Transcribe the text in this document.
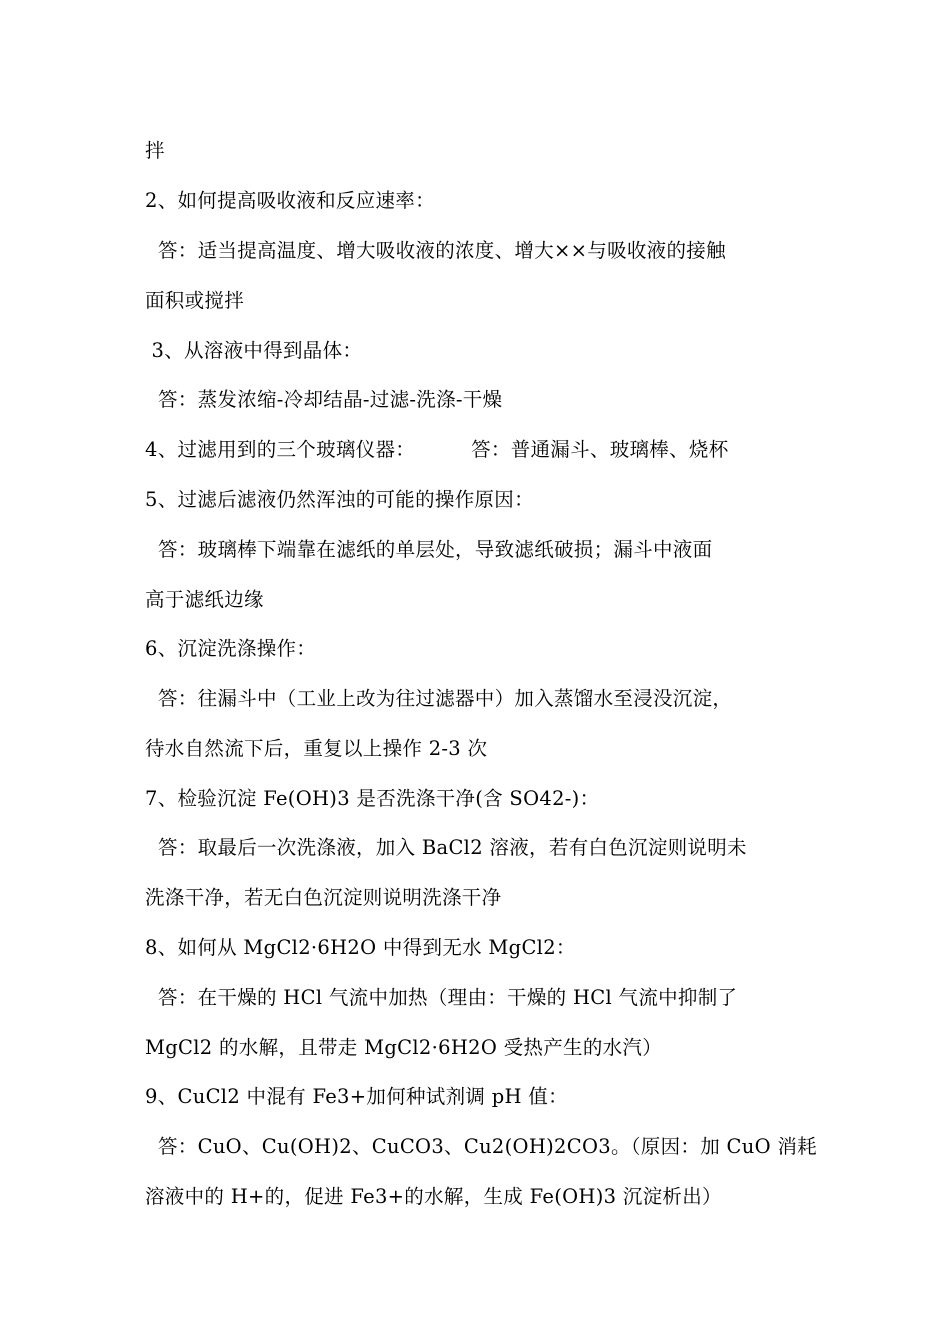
拌
2、如何提高吸收液和反应速率：
答：适当提高温度、增大吸收液的浓度、增大××与吸收液的接触
面积或搅拌
3、从溶液中得到晶体：
答：蒸发浓缩-冷却结晶-过滤-洗涤-干燥
4、过滤用到的三个玻璃仪器：	答：普通漏斗、玻璃棒、烧杯
5、过滤后滤液仍然浑浊的可能的操作原因：
答：玻璃棒下端靠在滤纸的单层处，导致滤纸破损；漏斗中液面
高于滤纸边缘
6、沉淀洗涤操作：
答：往漏斗中（工业上改为往过滤器中）加入蒸馏水至浸没沉淀，
待水自然流下后，重复以上操作 2-3 次
7、检验沉淀 Fe(OH)3 是否洗涤干净(含 SO42-)：
答：取最后一次洗涤液，加入 BaCl2 溶液，若有白色沉淀则说明未
洗涤干净，若无白色沉淀则说明洗涤干净
8、如何从 MgCl2·6H2O 中得到无水 MgCl2：
答：在干燥的 HCl 气流中加热（理由：干燥的 HCl 气流中抑制了
MgCl2 的水解，且带走 MgCl2·6H2O 受热产生的水汽）
9、CuCl2 中混有 Fe3+加何种试剂调 pH 值：
答：CuO、Cu(OH)2、CuCO3、Cu2(OH)2CO3。（原因：加 CuO 消耗
溶液中的 H+的，促进 Fe3+的水解，生成 Fe(OH)3 沉淀析出）
